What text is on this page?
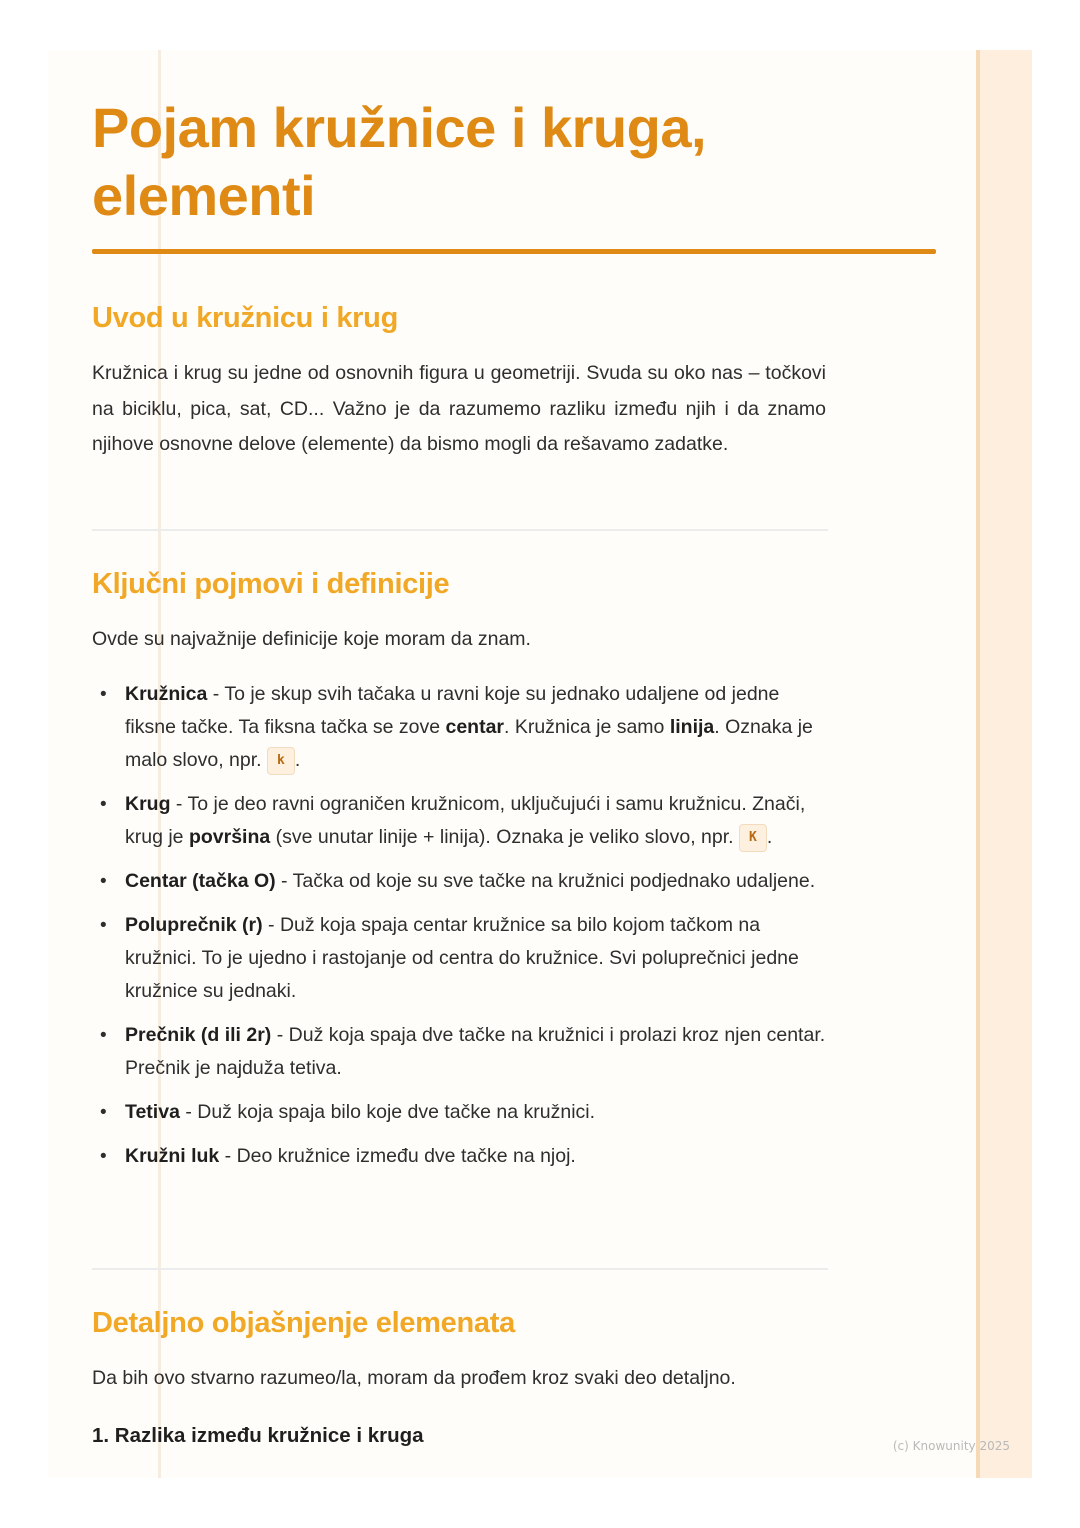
Pojam kružnice i kruga, elementi
Uvod u kružnicu i krug

Kružnica i krug su jedne od osnovnih figura u geometriji. Svuda su oko nas – točkovi na biciklu, pica, sat, CD... Važno je da razumemo razliku između njih i da znamo njihove osnovne delove (elemente) da bismo mogli da rešavamo zadatke.

Ključni pojmovi i definicije

Ovde su najvažnije definicije koje moram da znam.

• Kružnica - To je skup svih tačaka u ravni koje su jednako udaljene od jedne fiksne tačke. Ta fiksna tačka se zove centar. Kružnica je samo linija. Oznaka je malo slovo, npr. k .
• Krug - To je deo ravni ograničen kružnicom, uključujući i samu kružnicu. Znači, krug je površina (sve unutar linije + linija). Oznaka je veliko slovo, npr. K .
• Centar (tačka O) - Tačka od koje su sve tačke na kružnici podjednako udaljene.
• Poluprečnik (r) - Duž koja spaja centar kružnice sa bilo kojom tačkom na kružnici. To je ujedno i rastojanje od centra do kružnice. Svi poluprečnici jedne kružnice su jednaki.
• Prečnik (d ili 2r) - Duž koja spaja dve tačke na kružnici i prolazi kroz njen centar. Prečnik je najduža tetiva.
• Tetiva - Duž koja spaja bilo koje dve tačke na kružnici.
• Kružni luk - Deo kružnice između dve tačke na njoj.
Detaljno objašnjenje elemenata

Da bih ovo stvarno razumeo/la, moram da prođem kroz svaki deo detaljno.

1. Razlika između kružnice i kruga	(c) Knowunity 2025
